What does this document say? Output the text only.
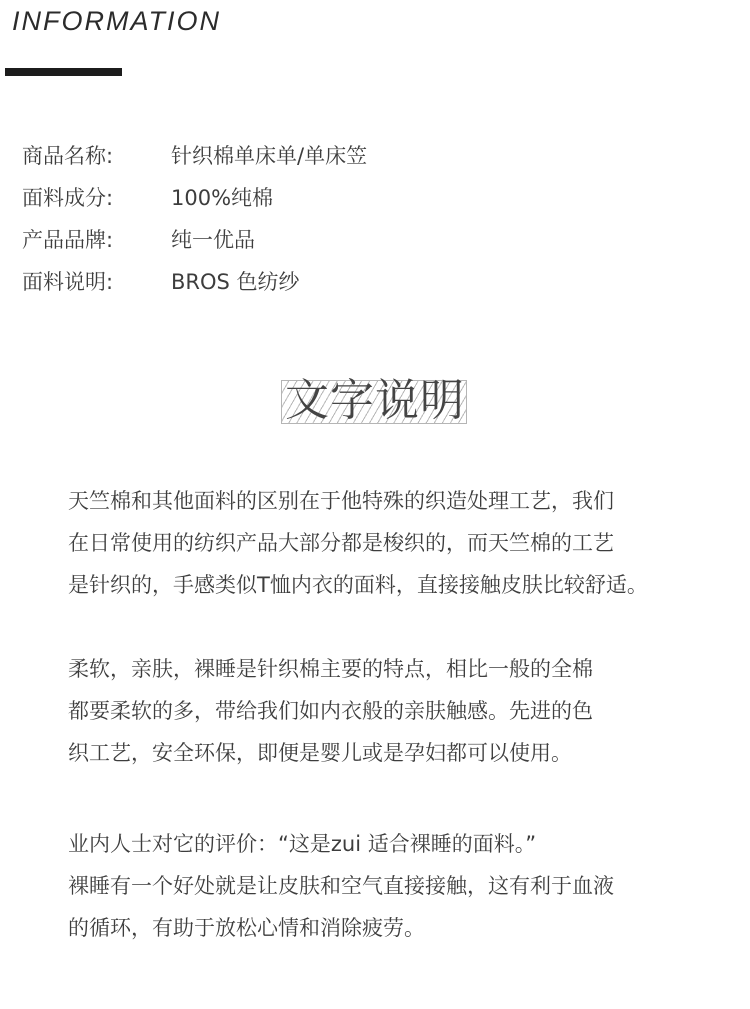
INFORMATION
商品名称:	针织棉单床单/单床笠
面料成分:	100%纯棉
产品品牌:	纯一优品
面料说明:	BROS 色纺纱
文字说明

天竺棉和其他面料的区别在于他特殊的织造处理工艺，我们
在日常使用的纺织产品大部分都是梭织的，而天竺棉的工艺
是针织的，手感类似T恤内衣的面料，直接接触皮肤比较舒适。

柔软，亲肤，裸睡是针织棉主要的特点，相比一般的全棉
都要柔软的多，带给我们如内衣般的亲肤触感。先进的色
织工艺，安全环保，即便是婴儿或是孕妇都可以使用。

业内人士对它的评价：“这是zui 适合裸睡的面料。”
裸睡有一个好处就是让皮肤和空气直接接触，这有利于血液
的循环，有助于放松心情和消除疲劳。
